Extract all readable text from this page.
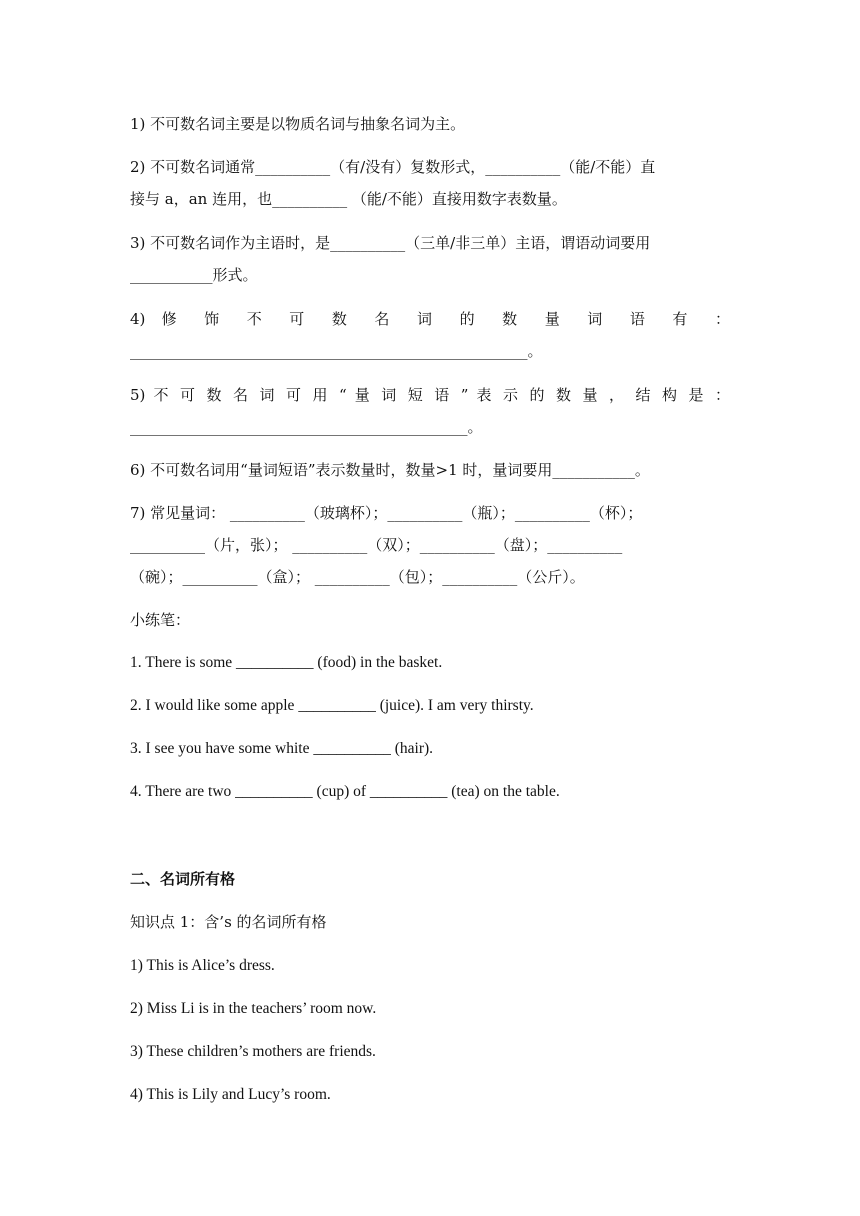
1) 不可数名词主要是以物质名词与抽象名词为主。
2) 不可数名词通常__________（有/没有）复数形式，__________（能/不能）直
接与 a，an 连用，也__________ （能/不能）直接用数字表数量。
3) 不可数名词作为主语时，是__________（三单/非三单）主语，谓语动词要用
___________形式。
4) 修 饰 不 可 数 名 词 的 数 量 词 语 有 ：
_____________________________________________________。
5) 不 可 数 名 词 可 用 “ 量 词 短 语 ” 表 示 的 数 量 ， 结 构 是 ：
_____________________________________________。
6) 不可数名词用“量词短语”表示数量时，数量>1 时，量词要用___________。
7) 常见量词： __________（玻璃杯）；__________（瓶）；__________（杯）；
__________（片，张）； __________（双）；__________（盘）；__________
（碗）；__________（盒）； __________（包）；__________（公斤）。
小练笔：
1. There is some __________ (food) in the basket.
2. I would like some apple __________ (juice). I am very thirsty.
3. I see you have some white __________ (hair).
4. There are two __________ (cup) of __________ (tea) on the table.
二、名词所有格
知识点 1：含’s 的名词所有格
1) This is Alice’s dress.
2) Miss Li is in the teachers’ room now.
3) These children’s mothers are friends.
4) This is Lily and Lucy’s room.
